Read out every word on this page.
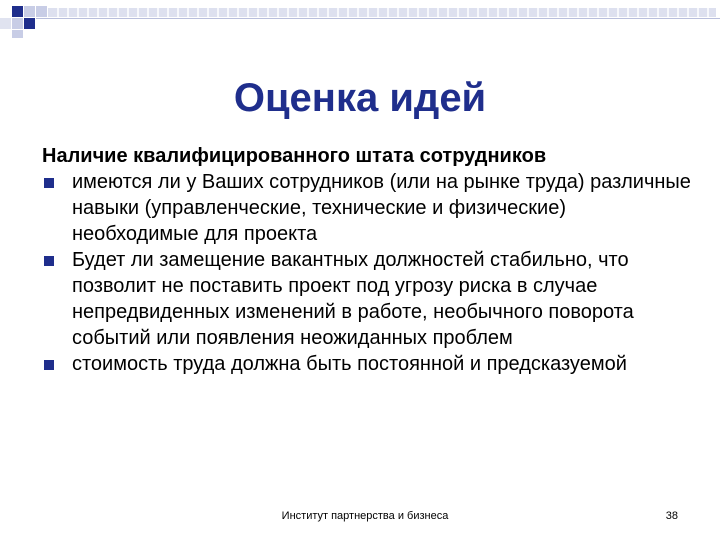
Оценка идей

Наличие квалифицированного штата сотрудников

имеются ли у Ваших сотрудников (или на рынке труда) различные навыки (управленческие, технические и физические) необходимые для проекта
Будет ли замещение вакантных должностей стабильно, что позволит не поставить проект под угрозу риска в случае непредвиденных изменений в работе, необычного поворота событий или появления неожиданных проблем
стоимость труда должна быть постоянной и предсказуемой
Институт партнерства и бизнеса	38
